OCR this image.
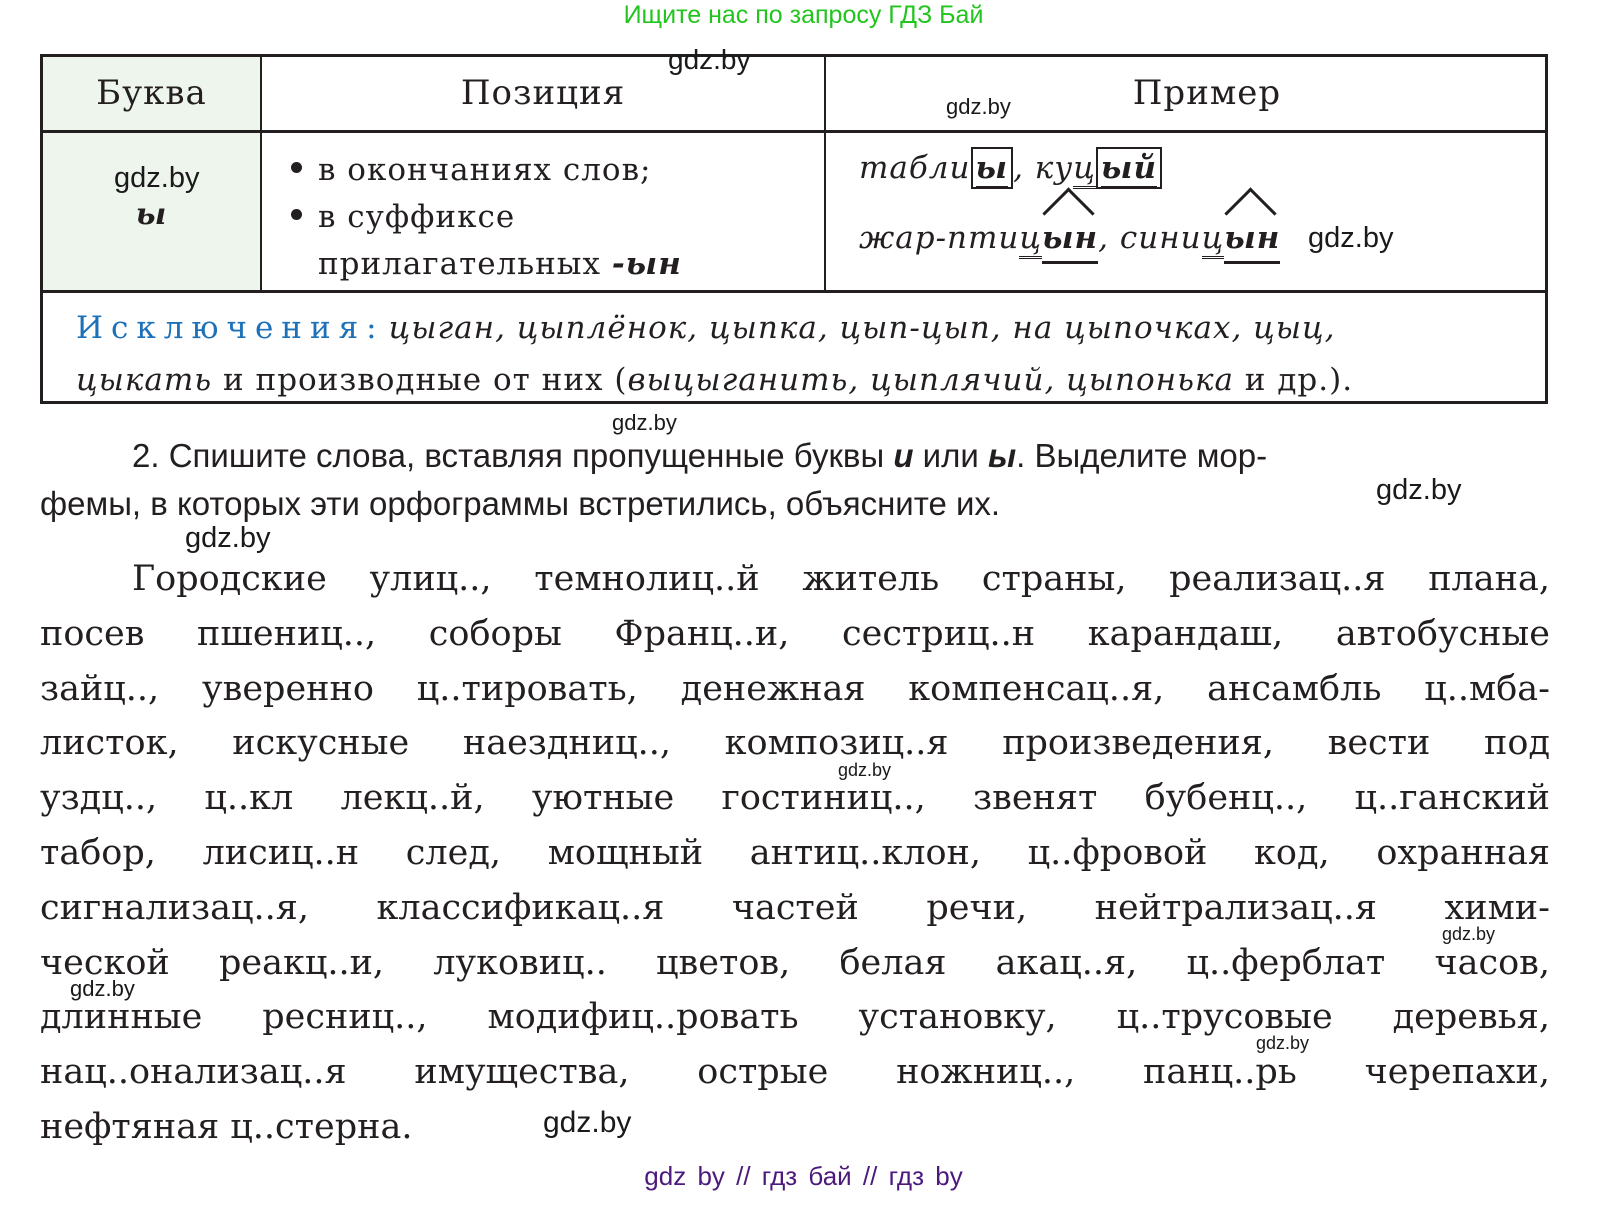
Ищите нас по запросу ГДЗ Бай
Буква	Позиция	Пример
ы
в окончаниях слов;
в суффиксе
прилагательных -ын
табли ы , куц ый
жар-птицын, синицын
Исключения: цыган, цыплёнок, цыпка, цып-цып, на цыпочках, цыц,
цыкать и производные от них (выцыганить, цыплячий, цыпонька и др.).
2. Спишите слова, вставляя пропущенные буквы и или ы. Выделите мор-
фемы, в которых эти орфограммы встретились, объясните их.
Городские улиц.., темнолиц..й житель страны, реализац..я плана,
посев пшениц.., соборы Франц..и, сестриц..н карандаш, автобусные
зайц.., уверенно ц..тировать, денежная компенсац..я, ансамбль ц..мба-
листок, искусные наездниц.., композиц..я произведения, вести под
уздц.., ц..кл лекц..й, уютные гостиниц.., звенят бубенц.., ц..ганский
табор, лисиц..н след, мощный антиц..клон, ц..фровой код, охранная
сигнализац..я, классификац..я частей речи, нейтрализац..я хими-
ческой реакц..и, луковиц.. цветов, белая акац..я, ц..ферблат часов,
длинные ресниц.., модифиц..ровать установку, ц..трусовые деревья,
нац..онализац..я имущества, острые ножниц.., панц..рь черепахи,
нефтяная ц..стерна.
gdz.by
gdz.by
gdz.by
gdz.by
gdz.by
gdz.by
gdz.by
gdz.by
gdz.by
gdz.by
gdz.by
gdz.by
gdz by // гдз бай // гдз by
